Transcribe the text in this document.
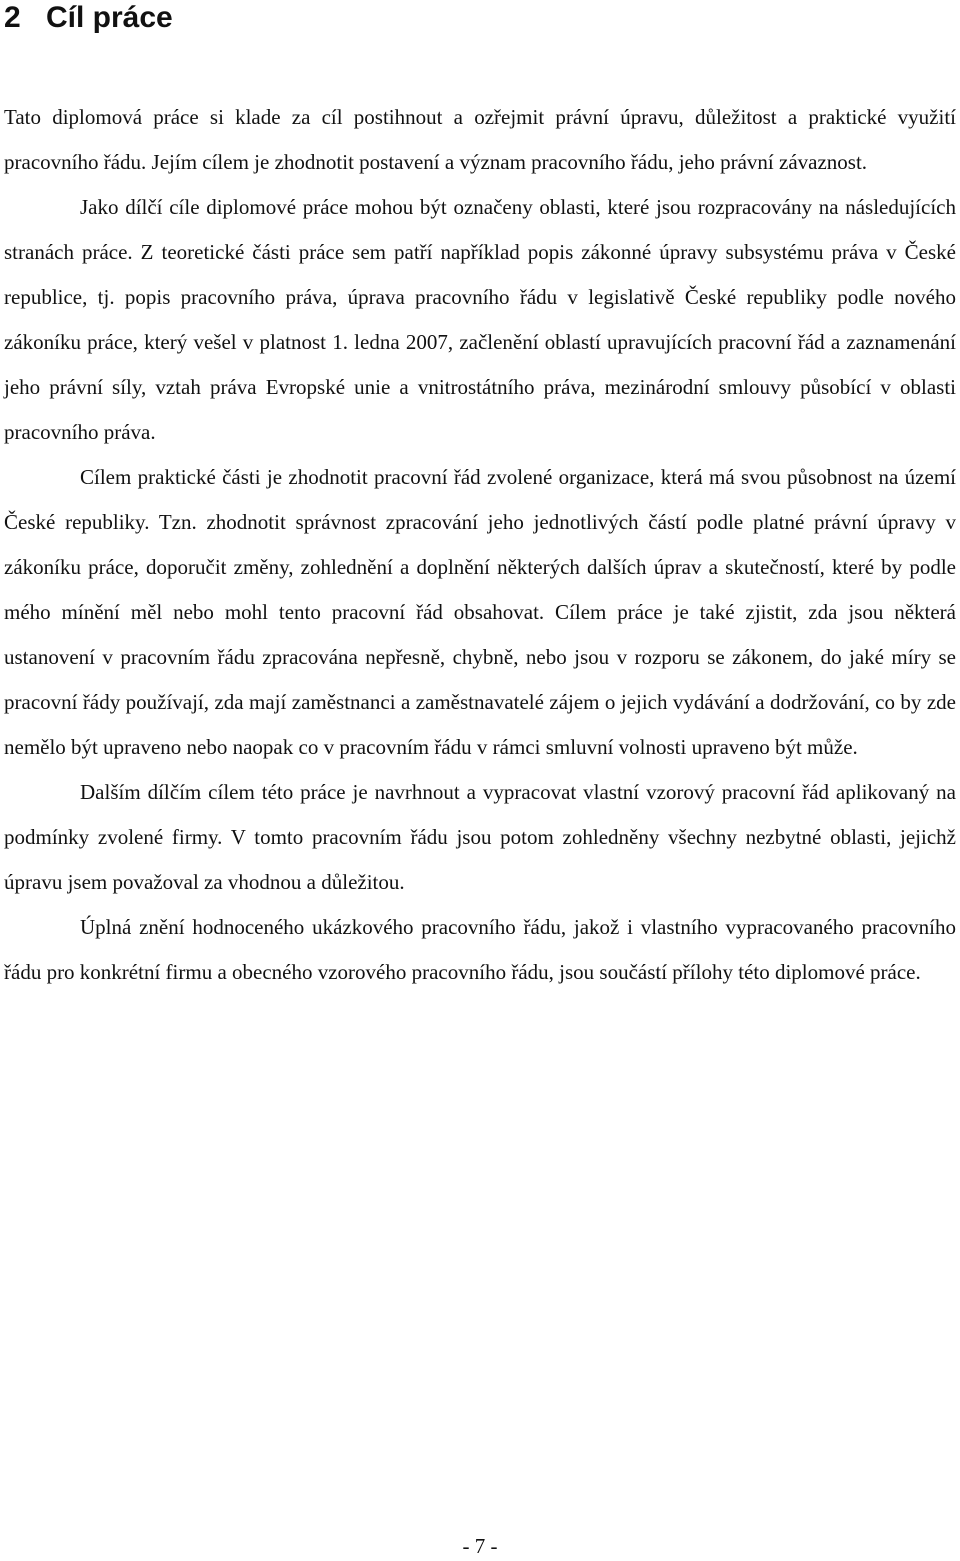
2 Cíl práce

Tato diplomová práce si klade za cíl postihnout a ozřejmit právní úpravu, důležitost a praktické využití pracovního řádu. Jejím cílem je zhodnotit postavení a význam pracovního řádu, jeho právní závaznost.

Jako dílčí cíle diplomové práce mohou být označeny oblasti, které jsou rozpracovány na následujících stranách práce. Z teoretické části práce sem patří například popis zákonné úpravy subsystému práva v České republice, tj. popis pracovního práva, úprava pracovního řádu v legislativě České republiky podle nového zákoníku práce, který vešel v platnost 1. ledna 2007, začlenění oblastí upravujících pracovní řád a zaznamenání jeho právní síly, vztah práva Evropské unie a vnitrostátního práva, mezinárodní smlouvy působící v oblasti pracovního práva.

Cílem praktické části je zhodnotit pracovní řád zvolené organizace, která má svou působnost na území České republiky. Tzn. zhodnotit správnost zpracování jeho jednotlivých částí podle platné právní úpravy v zákoníku práce, doporučit změny, zohlednění a doplnění některých dalších úprav a skutečností, které by podle mého mínění měl nebo mohl tento pracovní řád obsahovat. Cílem práce je také zjistit, zda jsou některá ustanovení v pracovním řádu zpracována nepřesně, chybně, nebo jsou v rozporu se zákonem, do jaké míry se pracovní řády používají, zda mají zaměstnanci a zaměstnavatelé zájem o jejich vydávání a dodržování, co by zde nemělo být upraveno nebo naopak co v pracovním řádu v rámci smluvní volnosti upraveno být může.

Dalším dílčím cílem této práce je navrhnout a vypracovat vlastní vzorový pracovní řád aplikovaný na podmínky zvolené firmy. V tomto pracovním řádu jsou potom zohledněny všechny nezbytné oblasti, jejichž úpravu jsem považoval za vhodnou a důležitou.

Úplná znění hodnoceného ukázkového pracovního řádu, jakož i vlastního vypracovaného pracovního řádu pro konkrétní firmu a obecného vzorového pracovního řádu, jsou součástí přílohy této diplomové práce.

- 7 -
